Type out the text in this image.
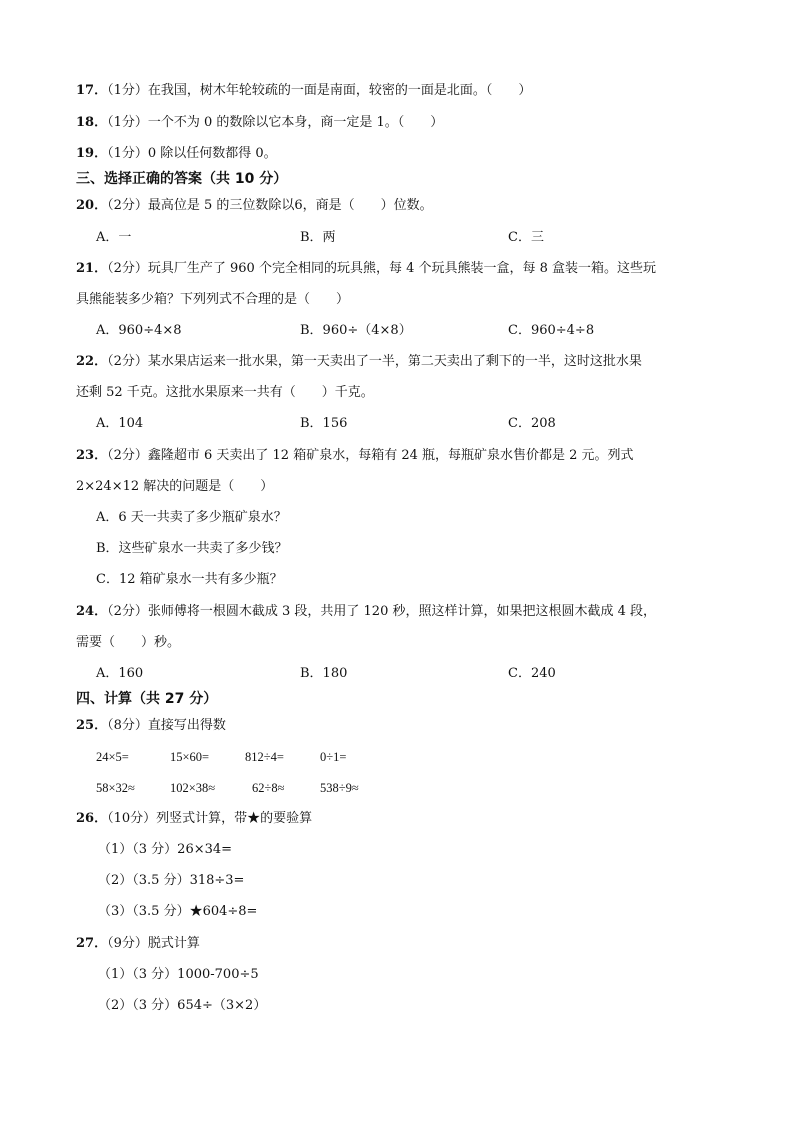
17．（1分）在我国，树木年轮较疏的一面是南面，较密的一面是北面。（　　）
18．（1分）一个不为 0 的数除以它本身，商一定是 1。（　　）
19．（1分）0 除以任何数都得 0。
三、选择正确的答案（共 10 分）
20．（2分）最高位是 5 的三位数除以6，商是（　　）位数。
A．一	B．两	C．三
21．（2分）玩具厂生产了 960 个完全相同的玩具熊，每 4 个玩具熊装一盒，每 8 盒装一箱。这些玩
具熊能装多少箱？下列列式不合理的是（　　）
A．960÷4×8	B．960÷（4×8）	C．960÷4÷8
22．（2分）某水果店运来一批水果，第一天卖出了一半，第二天卖出了剩下的一半，这时这批水果
还剩 52 千克。这批水果原来一共有（　　）千克。
A．104	B．156	C．208
23．（2分）鑫隆超市 6 天卖出了 12 箱矿泉水，每箱有 24 瓶，每瓶矿泉水售价都是 2 元。列式
2×24×12 解决的问题是（　　）
A．6 天一共卖了多少瓶矿泉水？
B．这些矿泉水一共卖了多少钱？
C．12 箱矿泉水一共有多少瓶？
24．（2分）张师傅将一根圆木截成 3 段，共用了 120 秒，照这样计算，如果把这根圆木截成 4 段，
需要（　　）秒。
A．160	B．180	C．240
四、计算（共 27 分）
25．（8分）直接写出得数
24×5=	15×60=	812÷4=	0÷1=
58×32≈	102×38≈	62÷8≈	538÷9≈
26．（10分）列竖式计算，带★的要验算
（1）（3 分）26×34=
（2）（3.5 分）318÷3=
（3）（3.5 分）★604÷8=
27．（9分）脱式计算
（1）（3 分）1000-700÷5
（2）（3 分）654÷（3×2）
